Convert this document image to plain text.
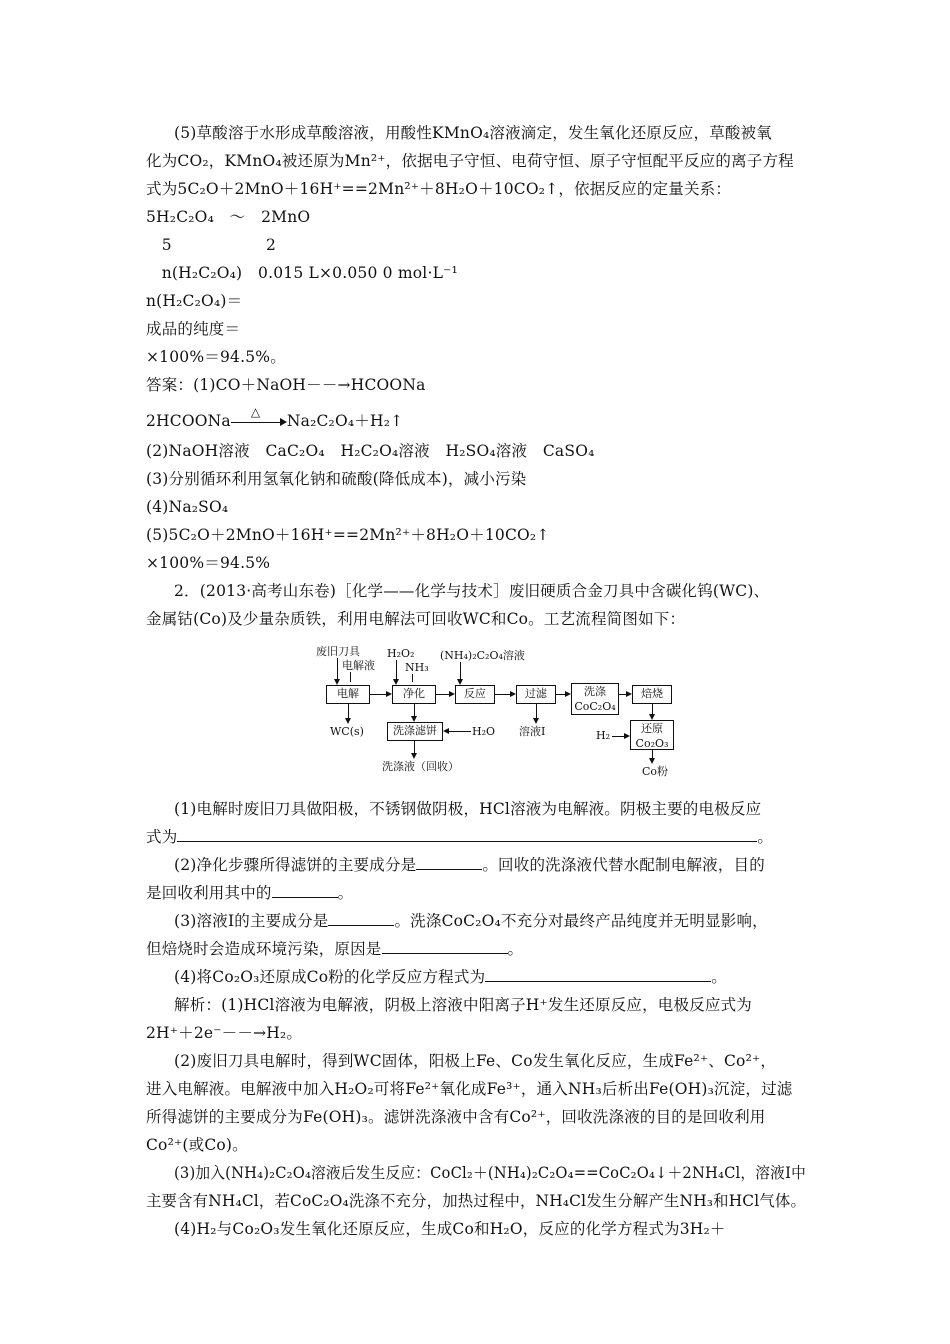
(5)草酸溶于水形成草酸溶液，用酸性KMnO₄溶液滴定，发生氧化还原反应，草酸被氧
化为CO₂，KMnO₄被还原为Mn²⁺，依据电子守恒、电荷守恒、原子守恒配平反应的离子方程
式为5C₂O＋2MnO＋16H⁺==2Mn²⁺＋8H₂O＋10CO₂↑，依据反应的定量关系：
5H₂C₂O₄　～　2MnO
　5　　　　　　2
　n(H₂C₂O₄)　0.015 L×0.050 0 mol·L⁻¹
n(H₂C₂O₄)＝
成品的纯度＝
×100%＝94.5%。
答案：(1)CO＋NaOH－－→HCOONa
2HCOONa △ Na₂C₂O₄＋H₂↑
(2)NaOH溶液　CaC₂O₄　H₂C₂O₄溶液　H₂SO₄溶液　CaSO₄
(3)分别循环利用氢氧化钠和硫酸(降低成本)，减小污染
(4)Na₂SO₄
(5)5C₂O＋2MnO＋16H⁺==2Mn²⁺＋8H₂O＋10CO₂↑
×100%＝94.5%
2．(2013·高考山东卷)［化学——化学与技术］废旧硬质合金刀具中含碳化钨(WC)、
金属钴(Co)及少量杂质铁，利用电解法可回收WC和Co。工艺流程简图如下：
废旧刀具
电解液
H₂O₂
NH₃
(NH₄)₂C₂O₄溶液
电解	净化	反应	过滤	洗涤
CoC₂O₄
焙烧
WC(s)	洗涤滤饼	H₂O
洗涤液（回收）
溶液Ⅰ	还原
Co₂O₃
H₂
Co粉
(1)电解时废旧刀具做阳极，不锈钢做阴极，HCl溶液为电解液。阴极主要的电极反应
式为	。
(2)净化步骤所得滤饼的主要成分是	。回收的洗涤液代替水配制电解液，目的
是回收利用其中的	。
(3)溶液Ⅰ的主要成分是	。洗涤CoC₂O₄不充分对最终产品纯度并无明显影响，
但焙烧时会造成环境污染，原因是	。
(4)将Co₂O₃还原成Co粉的化学反应方程式为	。
解析：(1)HCl溶液为电解液，阴极上溶液中阳离子H⁺发生还原反应，电极反应式为
2H⁺＋2e⁻－－→H₂。
(2)废旧刀具电解时，得到WC固体，阳极上Fe、Co发生氧化反应，生成Fe²⁺、Co²⁺，
进入电解液。电解液中加入H₂O₂可将Fe²⁺氧化成Fe³⁺，通入NH₃后析出Fe(OH)₃沉淀，过滤
所得滤饼的主要成分为Fe(OH)₃。滤饼洗涤液中含有Co²⁺，回收洗涤液的目的是回收利用
Co²⁺(或Co)。
(3)加入(NH₄)₂C₂O₄溶液后发生反应：CoCl₂＋(NH₄)₂C₂O₄==CoC₂O₄↓＋2NH₄Cl，溶液Ⅰ中
主要含有NH₄Cl，若CoC₂O₄洗涤不充分，加热过程中，NH₄Cl发生分解产生NH₃和HCl气体。
(4)H₂与Co₂O₃发生氧化还原反应，生成Co和H₂O，反应的化学方程式为3H₂＋
